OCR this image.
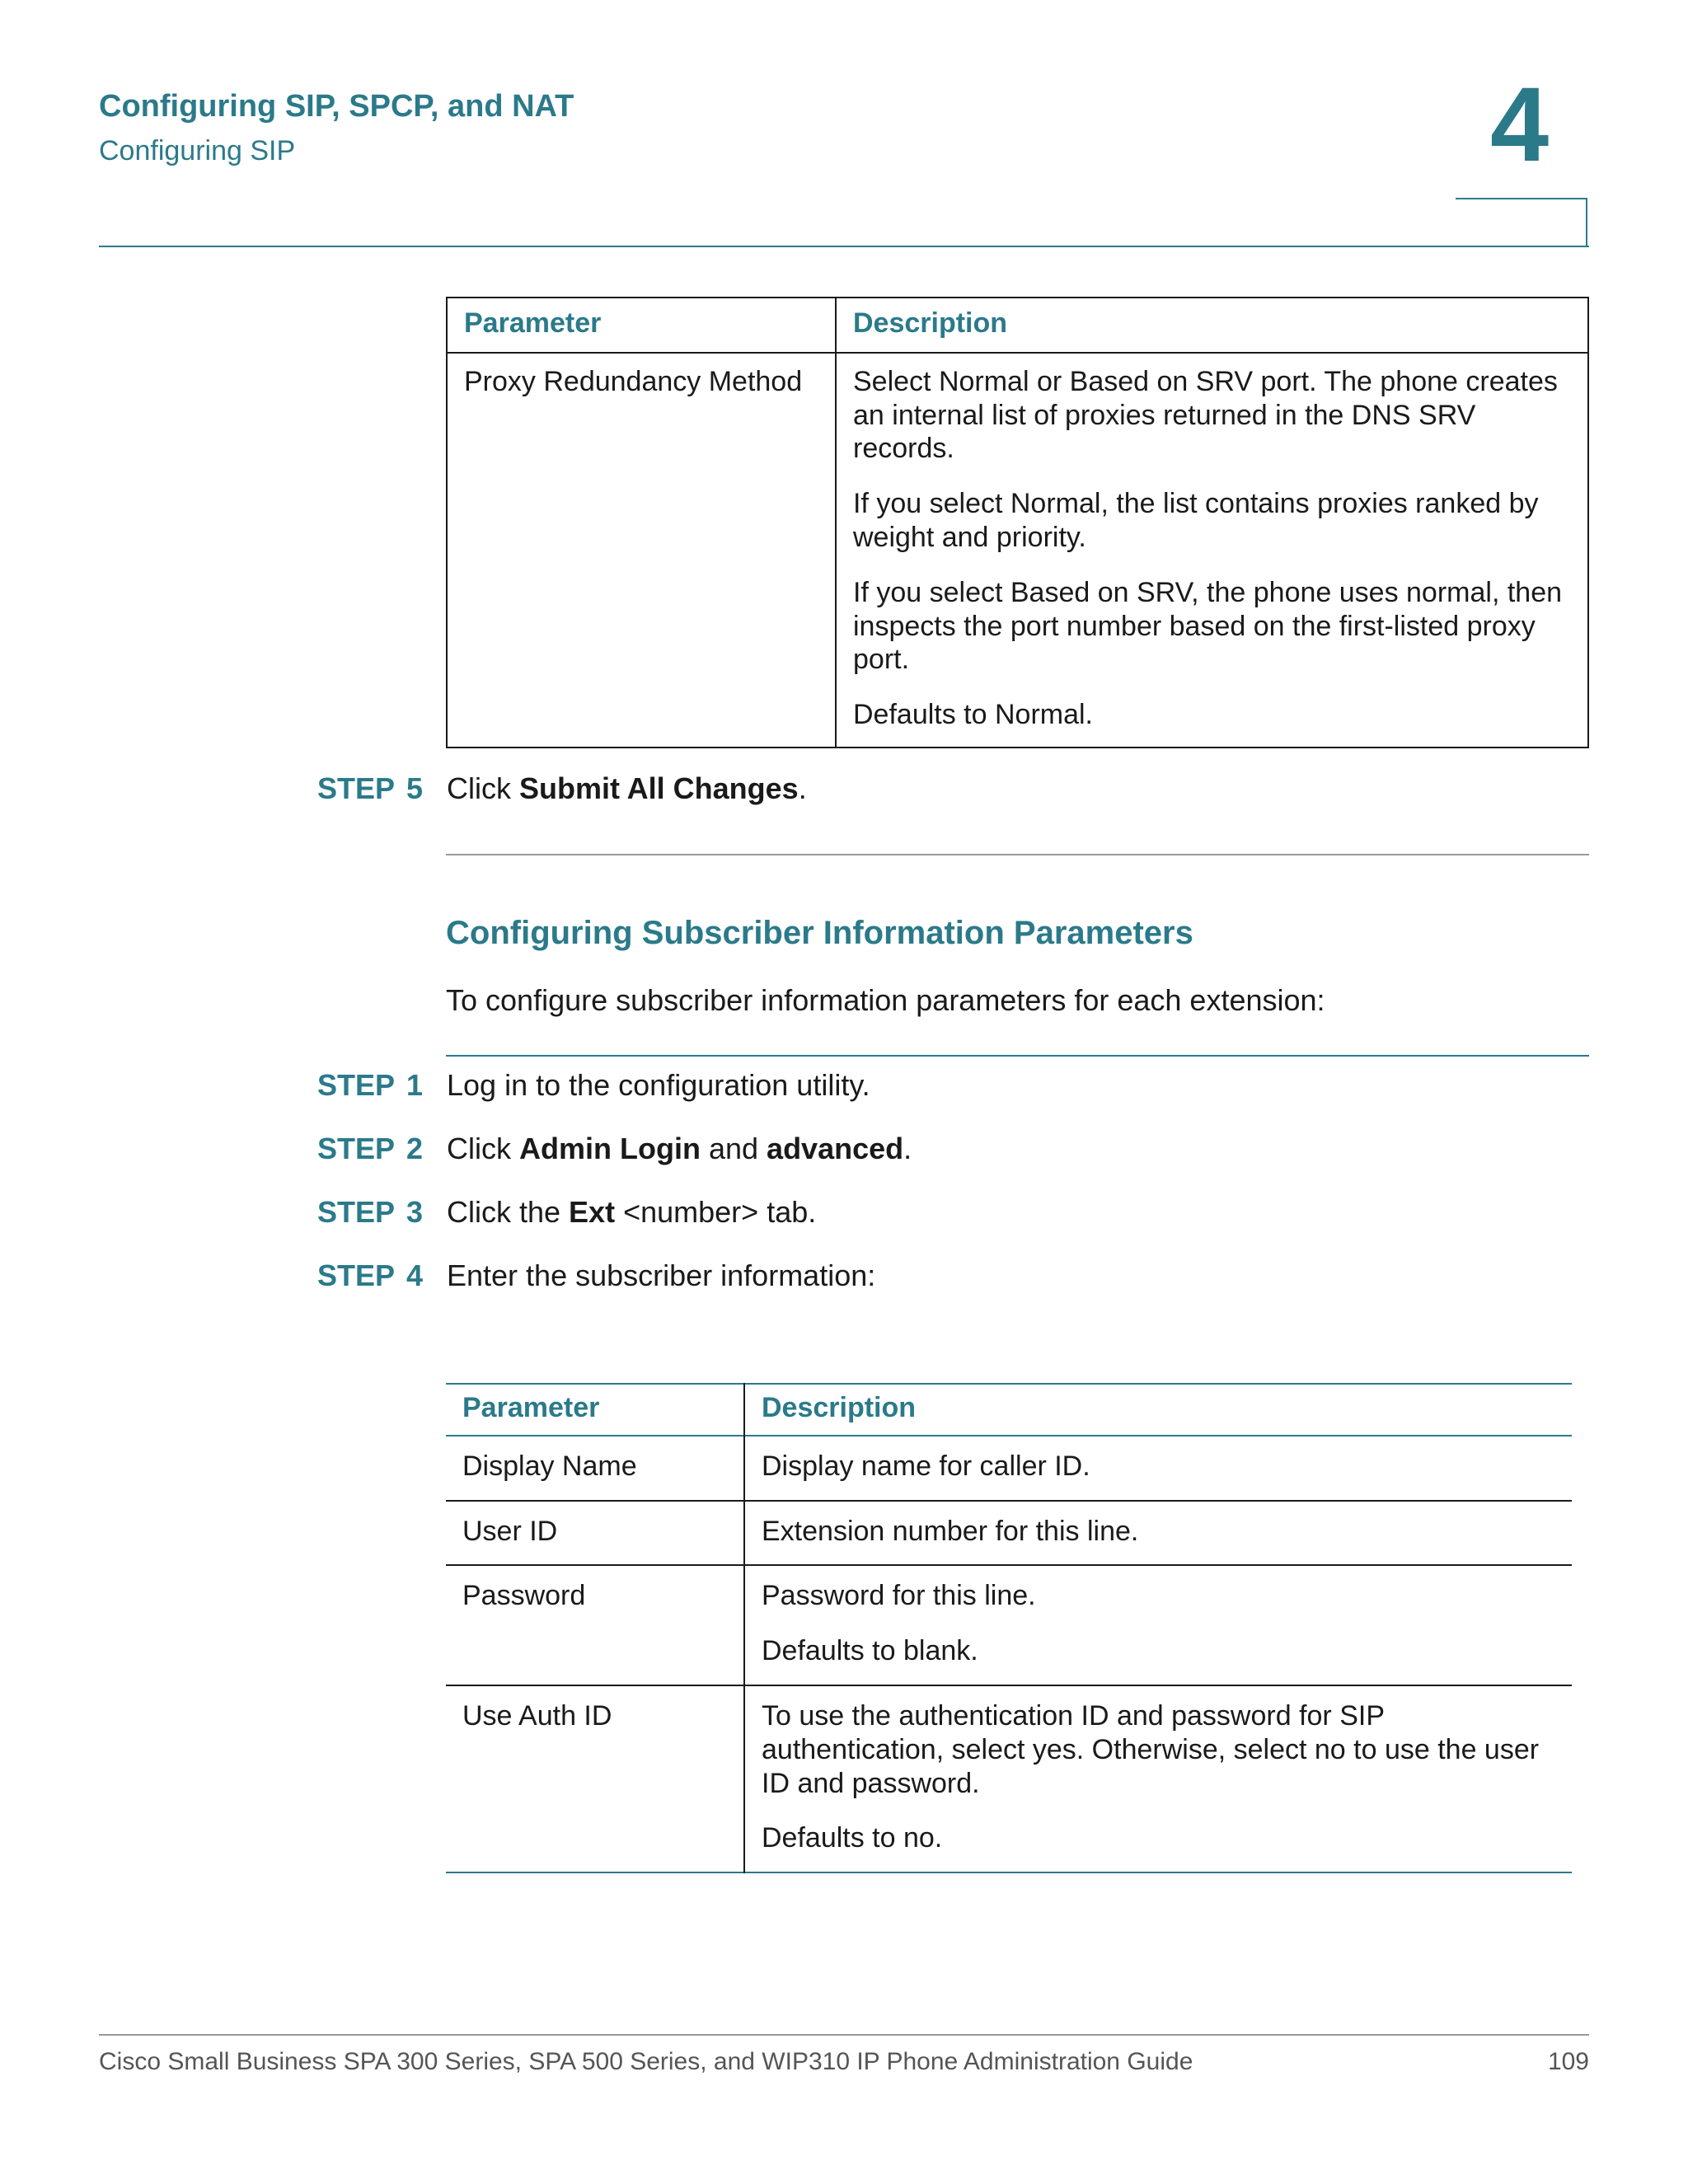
Configuring SIP, SPCP, and NAT
Configuring SIP	4
Parameter	Description
Proxy Redundancy Method	Select Normal or Based on SRV port. The phone creates an internal list of proxies returned in the DNS SRV records.

If you select Normal, the list contains proxies ranked by weight and priority.

If you select Based on SRV, the phone uses normal, then inspects the port number based on the first-listed proxy port.

Defaults to Normal.

STEP 5 Click Submit All Changes.
Configuring Subscriber Information Parameters
To configure subscriber information parameters for each extension:
STEP 1 Log in to the configuration utility.
STEP 2 Click Admin Login and advanced.
STEP 3 Click the Ext <number> tab.
STEP 4 Enter the subscriber information:
Parameter	Description
Display Name	Display name for caller ID.

User ID	Extension number for this line.

Password	Password for this line.

Defaults to blank.

Use Auth ID	To use the authentication ID and password for SIP authentication, select yes. Otherwise, select no to use the user ID and password.

Defaults to no.

Cisco Small Business SPA 300 Series, SPA 500 Series, and WIP310 IP Phone Administration Guide	109
